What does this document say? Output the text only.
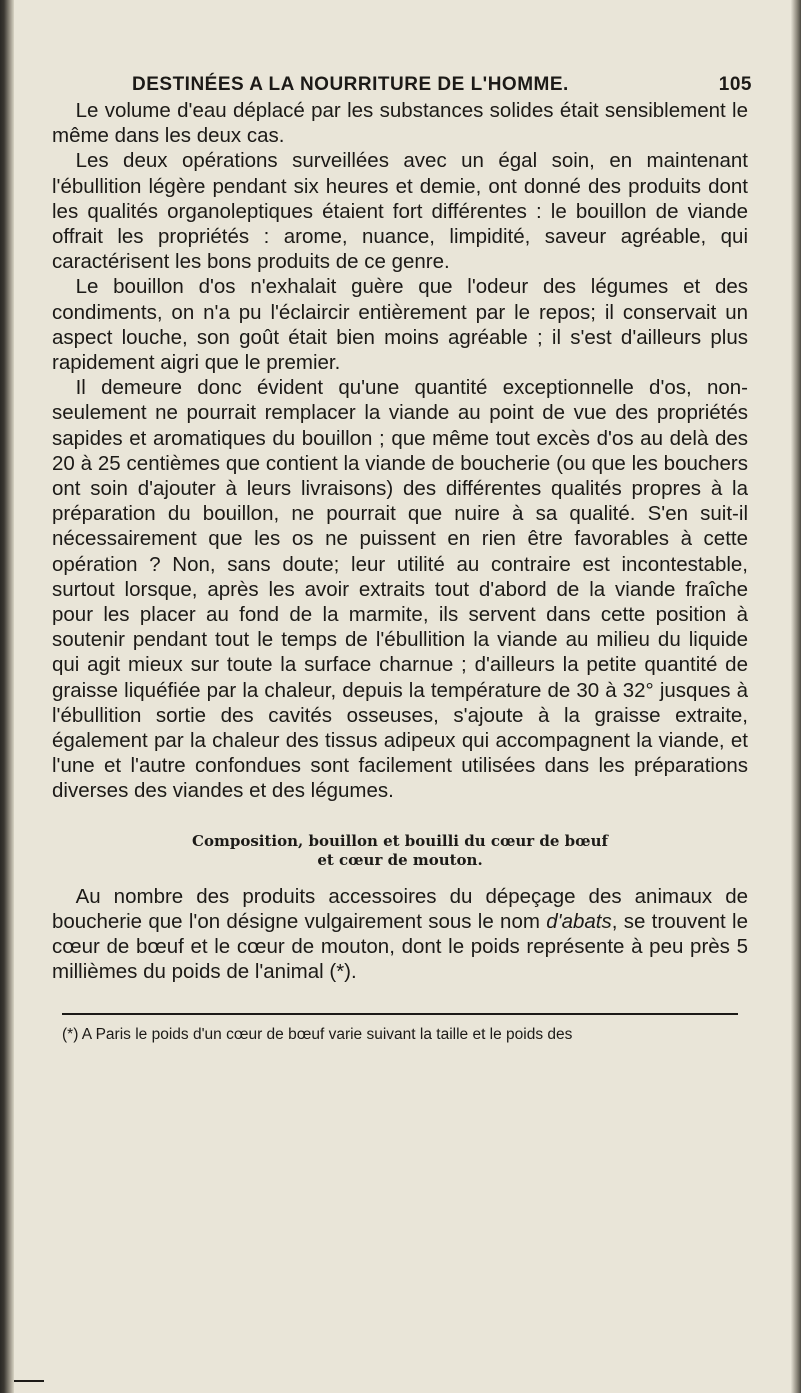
DESTINÉES A LA NOURRITURE DE L'HOMME.	105

Le volume d'eau déplacé par les substances solides était sensiblement le même dans les deux cas.

Les deux opérations surveillées avec un égal soin, en maintenant l'ébullition légère pendant six heures et demie, ont donné des produits dont les qualités organoleptiques étaient fort différentes : le bouillon de viande offrait les propriétés : arome, nuance, limpidité, saveur agréable, qui caractérisent les bons produits de ce genre.

Le bouillon d'os n'exhalait guère que l'odeur des légumes et des condiments, on n'a pu l'éclaircir entièrement par le repos; il conservait un aspect louche, son goût était bien moins agréable ; il s'est d'ailleurs plus rapidement aigri que le premier.

Il demeure donc évident qu'une quantité exceptionnelle d'os, non-seulement ne pourrait remplacer la viande au point de vue des propriétés sapides et aromatiques du bouillon ; que même tout excès d'os au delà des 20 à 25 centièmes que contient la viande de boucherie (ou que les bouchers ont soin d'ajouter à leurs livraisons) des différentes qualités propres à la préparation du bouillon, ne pourrait que nuire à sa qualité. S'en suit-il nécessairement que les os ne puissent en rien être favorables à cette opération ? Non, sans doute; leur utilité au contraire est incontestable, surtout lorsque, après les avoir extraits tout d'abord de la viande fraîche pour les placer au fond de la marmite, ils servent dans cette position à soutenir pendant tout le temps de l'ébullition la viande au milieu du liquide qui agit mieux sur toute la surface charnue ; d'ailleurs la petite quantité de graisse liquéfiée par la chaleur, depuis la température de 30 à 32° jusques à l'ébullition sortie des cavités osseuses, s'ajoute à la graisse extraite, également par la chaleur des tissus adipeux qui accompagnent la viande, et l'une et l'autre confondues sont facilement utilisées dans les préparations diverses des viandes et des légumes.

Composition, bouillon et bouilli du cœur de bœuf
et cœur de mouton.

Au nombre des produits accessoires du dépeçage des animaux de boucherie que l'on désigne vulgairement sous le nom d'abats, se trouvent le cœur de bœuf et le cœur de mouton, dont le poids représente à peu près 5 millièmes du poids de l'animal (*).

(*) A Paris le poids d'un cœur de bœuf varie suivant la taille et le poids des
